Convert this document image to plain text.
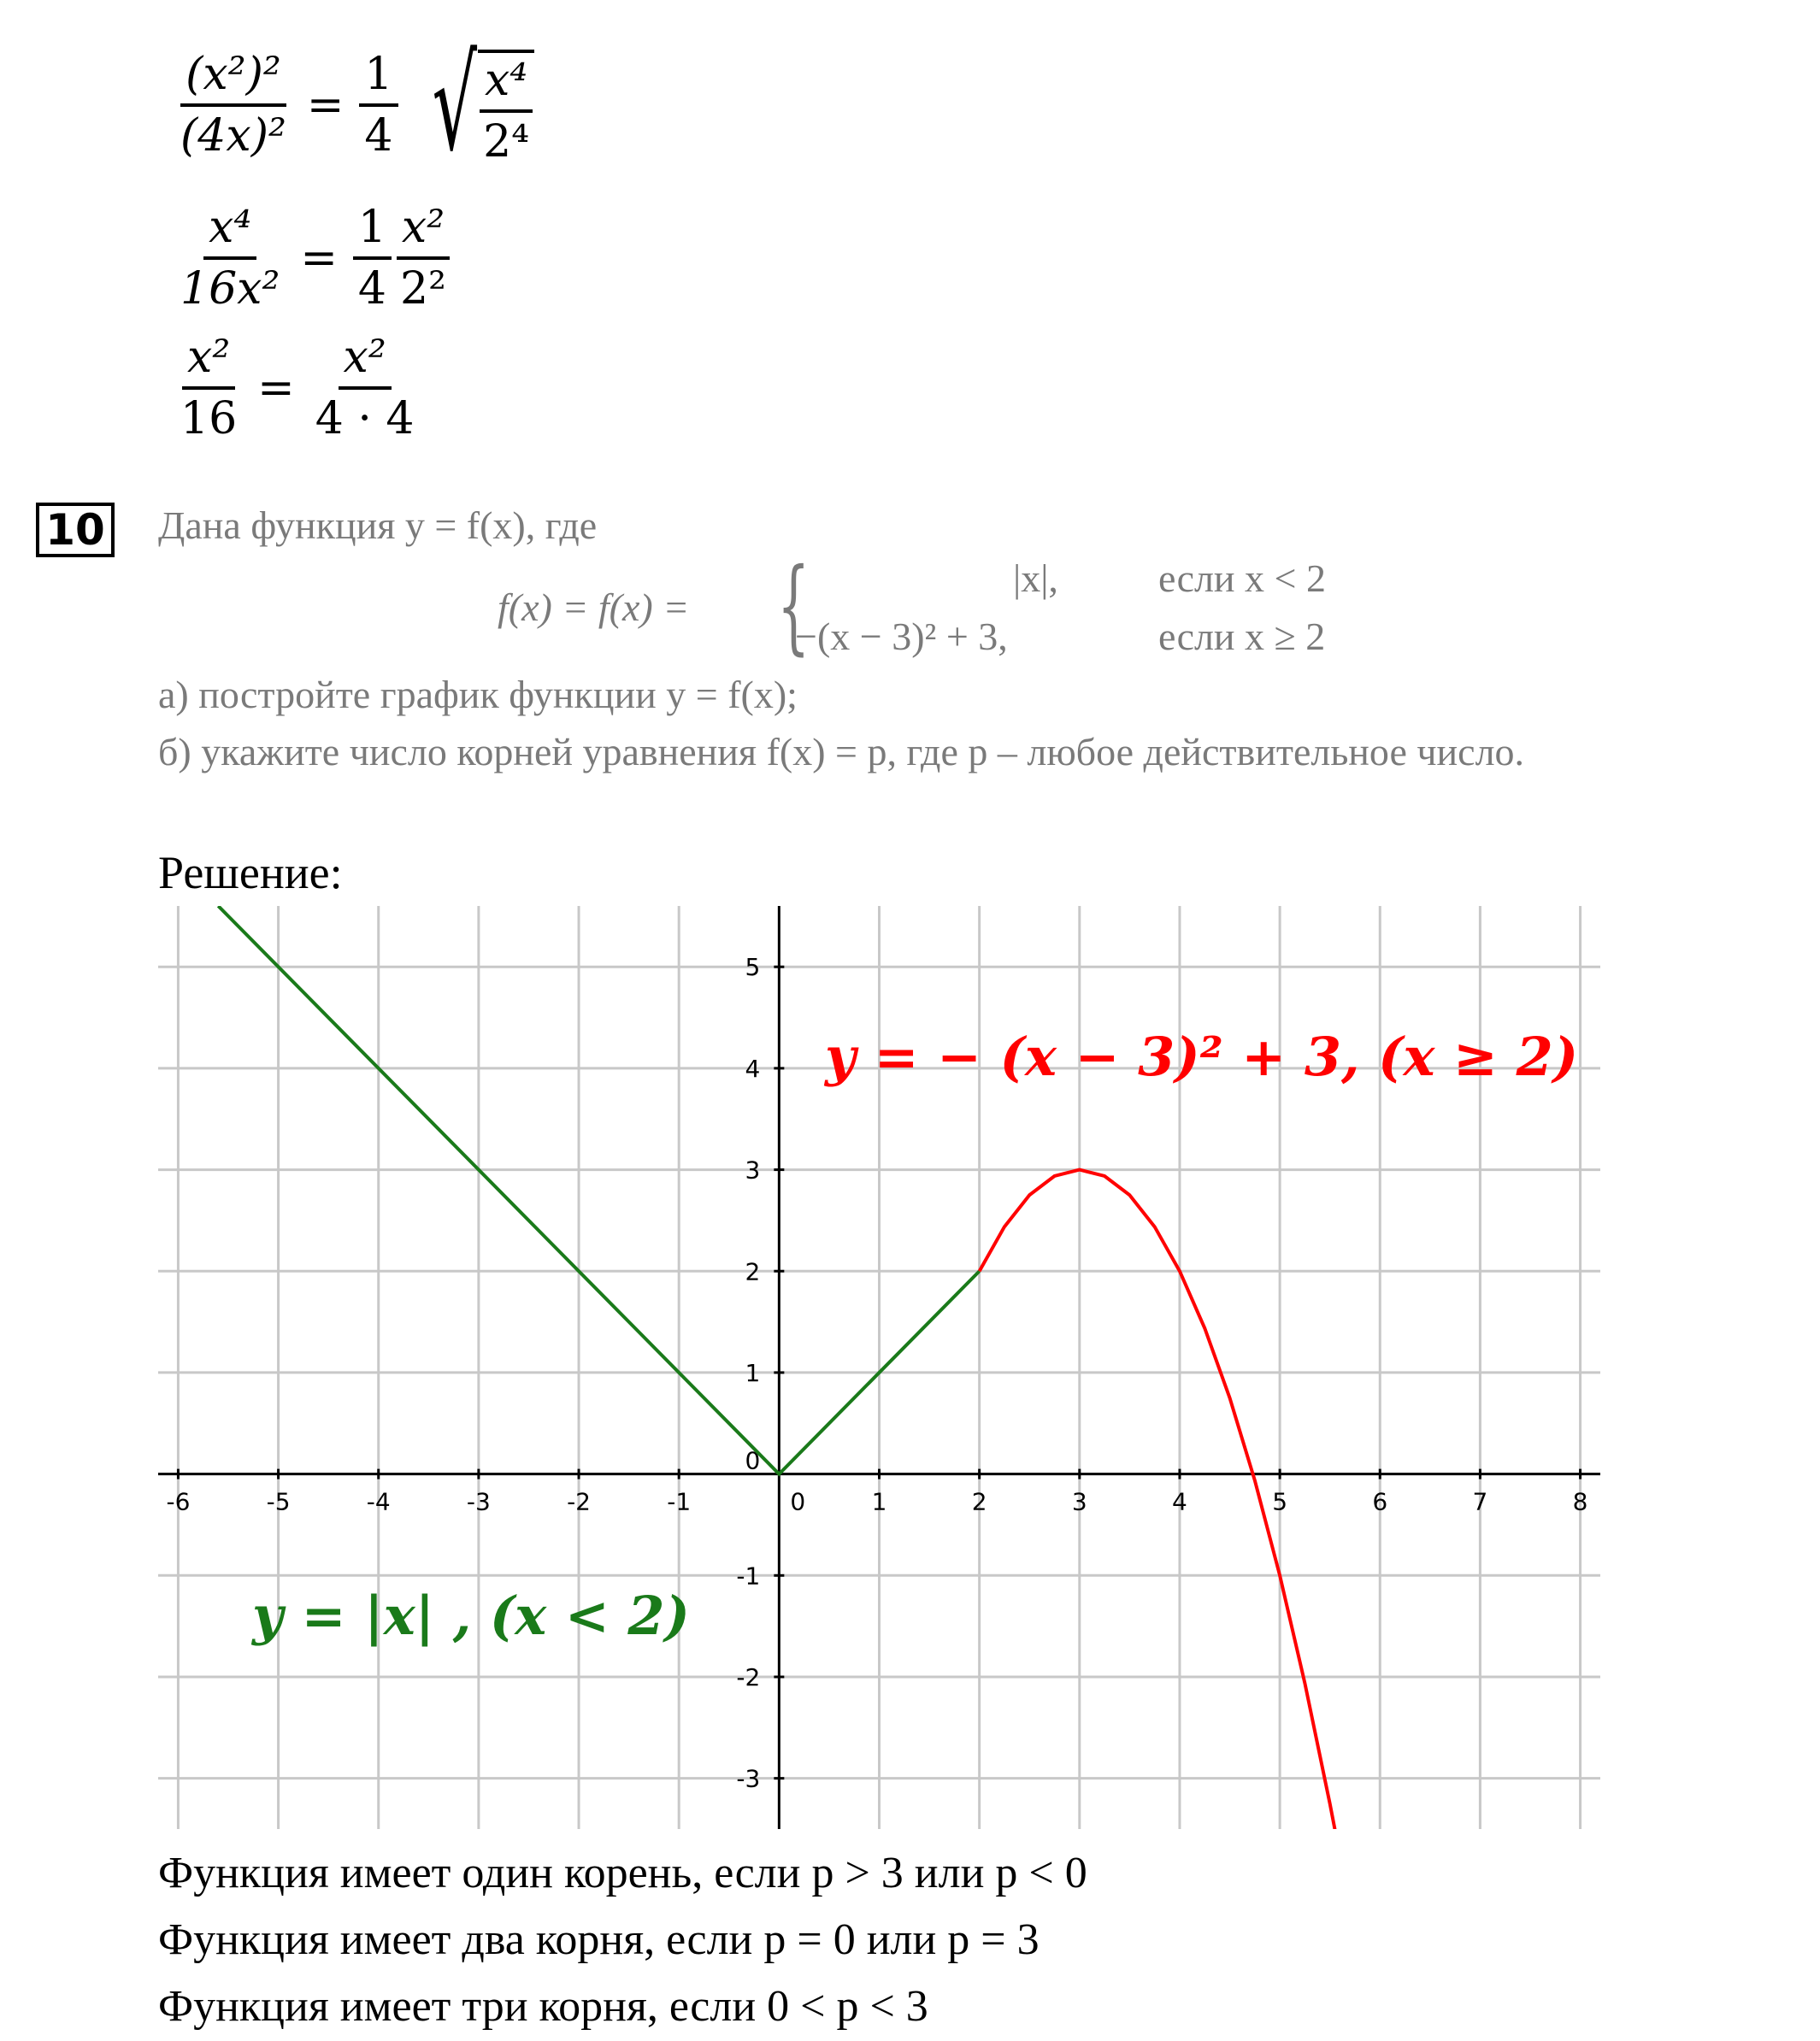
$\frac{\text{(x²)²}}{\text{(4x)²}} = \frac{1}{4}$ √ $\frac{\text{x⁴}}{\text{2⁴}}$
$\frac{\text{x⁴}}{\text{16x²}} = \frac{1}{4} \frac{\text{x²}}{\text{2²}}$
$\frac{\text{x²}}{16} = \frac{\text{x²}}{4 \cdot 4}$
10 Дана функция y = f(x), где
f(x) = f(x) = {	|x|,	если x < 2
−(x − 3)² + 3,	если x ≥ 2
а) постройте график функции y = f(x);
б) укажите число корней уравнения f(x) = p, где p – любое действительное число.
Решение:
-6	-5	-4	-3	-2	-1	0	1	2	3	4	5	6	7	8
-3
-2
-1
0
1
2
3
4
5
y = − (x − 3)² + 3, (x ≥ 2)
y = |x| , (x < 2)
Функция имеет один корень, если p > 3 или p < 0
Функция имеет два корня, если p = 0 или p = 3
Функция имеет три корня, если 0 < p < 3
